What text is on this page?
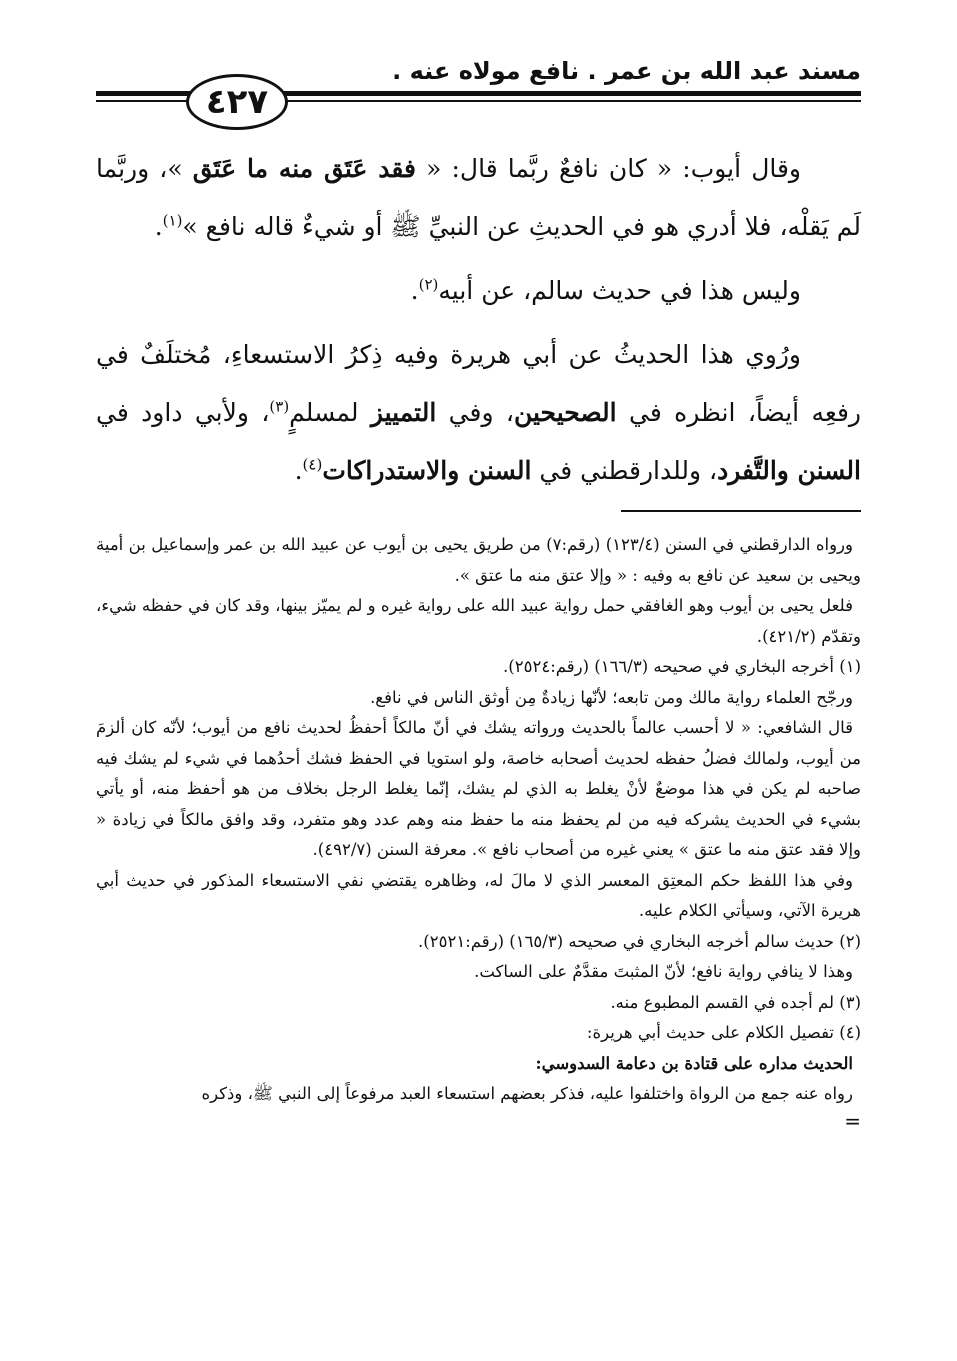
مسند عبد الله بن عمر . نافع مولاه عنه .
٤٢٧

وقال أيوب: « كان نافعٌ ربَّما قال: « فقد عَتَق منه ما عَتَق »، وربَّما لَم يَقلْه، فلا أدري هو في الحديثِ عن النبيِّ ﷺ أو شيءٌ قاله نافع »$^{(١)}$.

وليس هذا في حديث سالم، عن أبيه$^{(٢)}$.

ورُوي هذا الحديثُ عن أبي هريرة وفيه ذِكرُ الاستسعاءِ، مُختلَفٌ في رفعِه أيضاً، انظره في الصحيحين، وفي التمييز لمسلمٍ$^{(٣)}$، ولأبي داود في السنن والتَّفرد، وللدارقطني في السنن والاستدراكات$^{(٤)}$.

ورواه الدارقطني في السنن (١٢٣/٤) (رقم:٧) من طريق يحيى بن أيوب عن عبيد الله بن عمر وإسماعيل بن أمية ويحيى بن سعيد عن نافع به وفيه : « وإلا عتق منه ما عتق ».

فلعل يحيى بن أيوب وهو الغافقي حمل رواية عبيد الله على رواية غيره و لم يميّز بينها، وقد كان في حفظه شيء، وتقدّم (٤٢١/٢).

(١) أخرجه البخاري في صحيحه (١٦٦/٣) (رقم:٢٥٢٤).

ورجّح العلماء رواية مالك ومن تابعه؛ لأنّها زيادةٌ مِن أوثق الناس في نافع.

قال الشافعي: « لا أحسب عالماً بالحديث ورواته يشك في أنّ مالكاً أحفظُ لحديث نافع من أيوب؛ لأنّه كان ألزمَ من أيوب، ولمالك فضلُ حفظه لحديث أصحابه خاصة، ولو استويا في الحفظ فشك أحدُهما في شيء لم يشك فيه صاحبه لم يكن في هذا موضعٌ لأنْ يغلط به الذي لم يشك، إنّما يغلط الرجل بخلاف من هو أحفظ منه، أو يأتي بشيء في الحديث يشركه فيه من لم يحفظ منه ما حفظ منه وهم عدد وهو متفرد، وقد وافق مالكاً في زيادة « وإلا فقد عتق منه ما عتق » يعني غيره من أصحاب نافع ». معرفة السنن (٤٩٢/٧).

وفي هذا اللفظ حكم المعتِق المعسر الذي لا مالَ له، وظاهره يقتضي نفي الاستسعاء المذكور في حديث أبي هريرة الآتي، وسيأتي الكلام عليه.

(٢) حديث سالم أخرجه البخاري في صحيحه (١٦٥/٣) (رقم:٢٥٢١).

وهذا لا ينافي رواية نافع؛ لأنّ المثبتَ مقدَّمٌ على الساكت.

(٣) لم أجده في القسم المطبوع منه.

(٤) تفصيل الكلام على حديث أبي هريرة:

الحديث مداره على قتادة بن دعامة السدوسي:

رواه عنه جمع من الرواة واختلفوا عليه، فذكر بعضهم استسعاء العبد مرفوعاً إلى النبي ﷺ، وذكره

=
